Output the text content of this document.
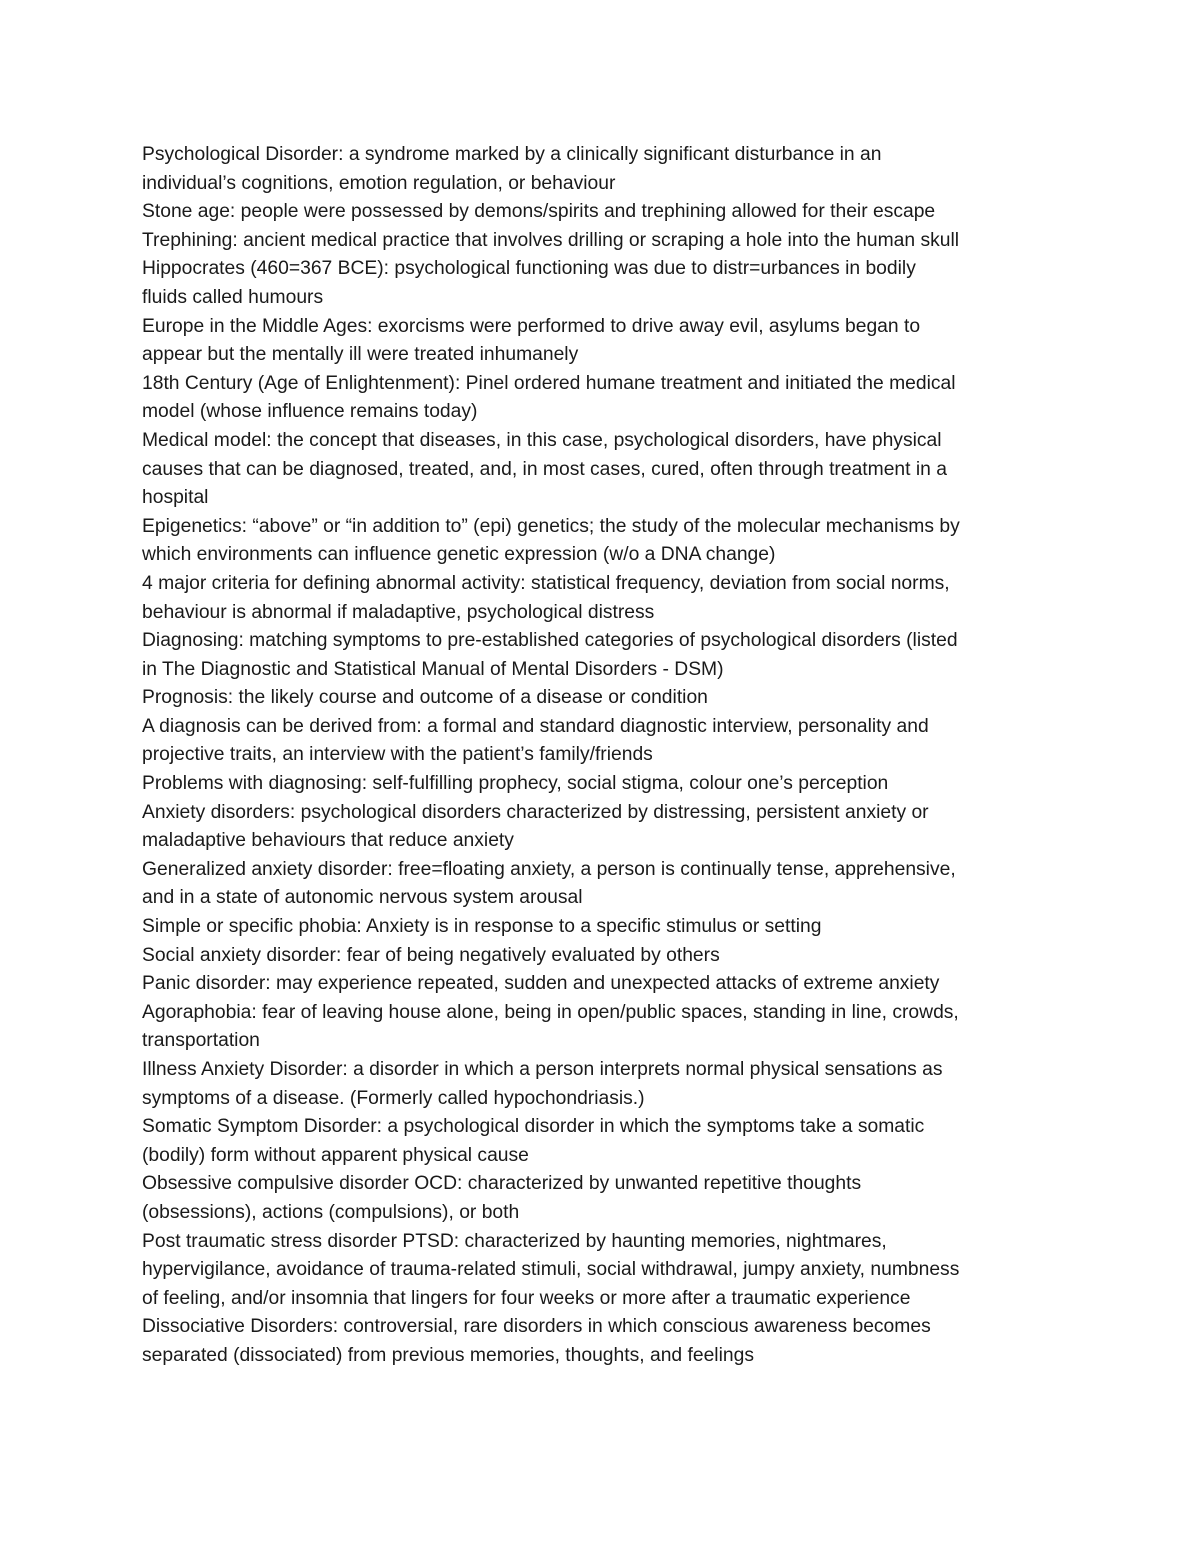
Psychological Disorder: a syndrome marked by a clinically significant disturbance in an
individual’s cognitions, emotion regulation, or behaviour

Stone age: people were possessed by demons/spirits and trephining allowed for their escape

Trephining: ancient medical practice that involves drilling or scraping a hole into the human skull

Hippocrates (460=367 BCE): psychological functioning was due to distr=urbances in bodily
fluids called humours

Europe in the Middle Ages: exorcisms were performed to drive away evil, asylums began to
appear but the mentally ill were treated inhumanely

18th Century (Age of Enlightenment): Pinel ordered humane treatment and initiated the medical
model (whose influence remains today)

Medical model: the concept that diseases, in this case, psychological disorders, have physical
causes that can be diagnosed, treated, and, in most cases, cured, often through treatment in a
hospital

Epigenetics: “above” or “in addition to” (epi) genetics; the study of the molecular mechanisms by
which environments can influence genetic expression (w/o a DNA change)

4 major criteria for defining abnormal activity: statistical frequency, deviation from social norms,
behaviour is abnormal if maladaptive, psychological distress

Diagnosing: matching symptoms to pre-established categories of psychological disorders (listed
in The Diagnostic and Statistical Manual of Mental Disorders - DSM)

Prognosis: the likely course and outcome of a disease or condition

A diagnosis can be derived from: a formal and standard diagnostic interview, personality and
projective traits, an interview with the patient’s family/friends

Problems with diagnosing: self-fulfilling prophecy, social stigma, colour one’s perception

Anxiety disorders: psychological disorders characterized by distressing, persistent anxiety or
maladaptive behaviours that reduce anxiety

Generalized anxiety disorder: free=floating anxiety, a person is continually tense, apprehensive,
and in a state of autonomic nervous system arousal

Simple or specific phobia: Anxiety is in response to a specific stimulus or setting

Social anxiety disorder: fear of being negatively evaluated by others

Panic disorder: may experience repeated, sudden and unexpected attacks of extreme anxiety

Agoraphobia: fear of leaving house alone, being in open/public spaces, standing in line, crowds,
transportation

Illness Anxiety Disorder: a disorder in which a person interprets normal physical sensations as
symptoms of a disease. (Formerly called hypochondriasis.)

Somatic Symptom Disorder: a psychological disorder in which the symptoms take a somatic
(bodily) form without apparent physical cause

Obsessive compulsive disorder OCD: characterized by unwanted repetitive thoughts
(obsessions), actions (compulsions), or both

Post traumatic stress disorder PTSD: characterized by haunting memories, nightmares,
hypervigilance, avoidance of trauma-related stimuli, social withdrawal, jumpy anxiety, numbness
of feeling, and/or insomnia that lingers for four weeks or more after a traumatic experience

Dissociative Disorders: controversial, rare disorders in which conscious awareness becomes
separated (dissociated) from previous memories, thoughts, and feelings
